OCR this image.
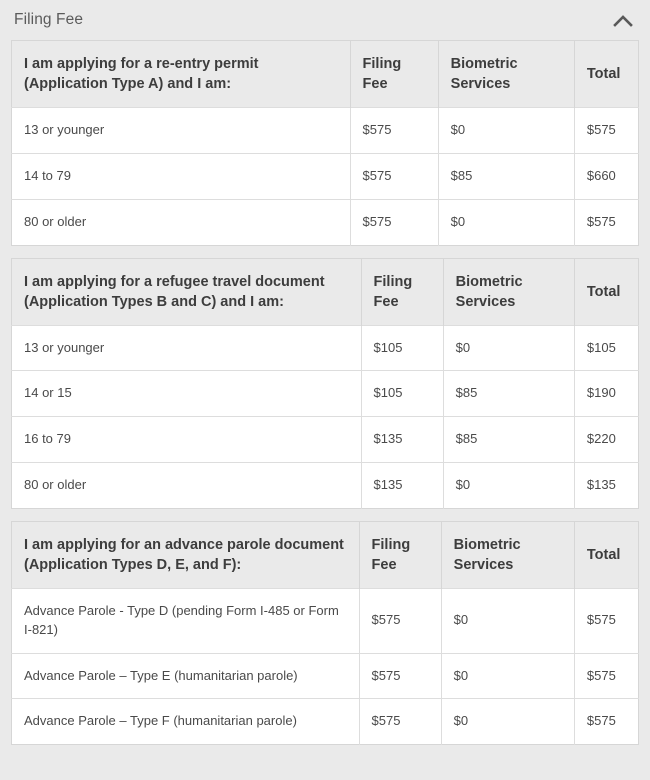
Filing Fee
I am applying for a re-entry permit (Application Type A) and I am:	Filing Fee	Biometric Services	Total
13 or younger	$575	$0	$575
14 to 79	$575	$85	$660
80 or older	$575	$0	$575
I am applying for a refugee travel document (Application Types B and C) and I am:	Filing Fee	Biometric Services	Total
13 or younger	$105	$0	$105
14 or 15	$105	$85	$190
16 to 79	$135	$85	$220
80 or older	$135	$0	$135
I am applying for an advance parole document (Application Types D, E, and F):	Filing Fee	Biometric Services	Total
Advance Parole - Type D (pending Form I-485 or Form I-821)	$575	$0	$575
Advance Parole – Type E (humanitarian parole)	$575	$0	$575
Advance Parole – Type F (humanitarian parole)	$575	$0	$575
